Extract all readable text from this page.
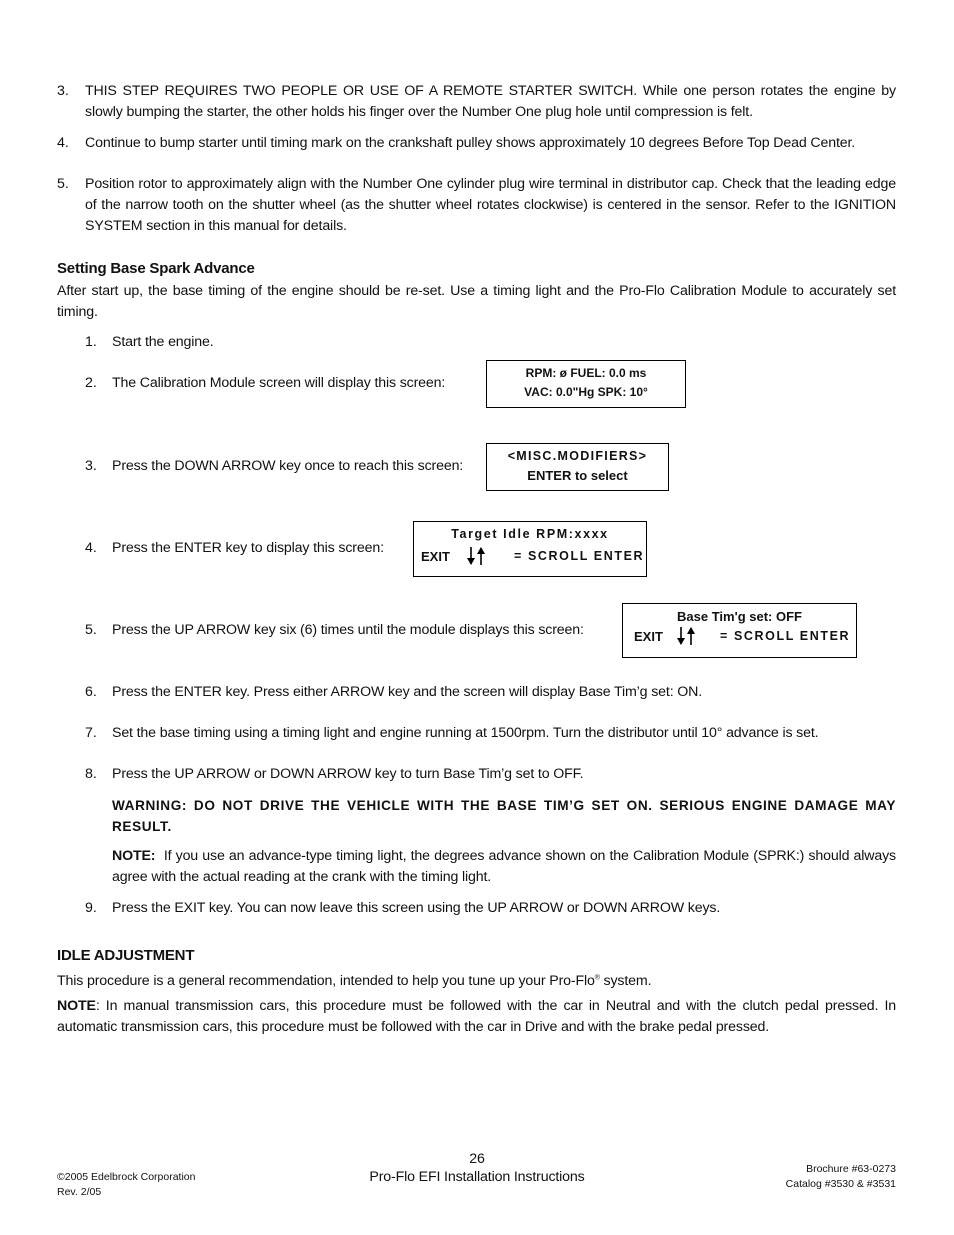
3. THIS STEP REQUIRES TWO PEOPLE OR USE OF A REMOTE STARTER SWITCH. While one person rotates the engine by slowly bumping the starter, the other holds his finger over the Number One plug hole until compression is felt.
4. Continue to bump starter until timing mark on the crankshaft pulley shows approximately 10 degrees Before Top Dead Center.
5. Position rotor to approximately align with the Number One cylinder plug wire terminal in distributor cap. Check that the leading edge of the narrow tooth on the shutter wheel (as the shutter wheel rotates clockwise) is centered in the sensor. Refer to the IGNITION SYSTEM section in this manual for details.
Setting Base Spark Advance
After start up, the base timing of the engine should be re-set. Use a timing light and the Pro-Flo Calibration Module to accurately set timing.
1. Start the engine.
2. The Calibration Module screen will display this screen:
RPM: ø FUEL: 0.0 ms
VAC: 0.0"Hg SPK: 10°
3. Press the DOWN ARROW key once to reach this screen:
<MISC.MODIFIERS>
ENTER to select
4. Press the ENTER key to display this screen:
Target Idle RPM:xxxx
EXIT	= SCROLL ENTER
5. Press the UP ARROW key six (6) times until the module displays this screen:
Base Tim'g set: OFF
EXIT	= SCROLL ENTER
6. Press the ENTER key. Press either ARROW key and the screen will display Base Tim’g set: ON.
7. Set the base timing using a timing light and engine running at 1500rpm. Turn the distributor until 10° advance is set.
8. Press the UP ARROW or DOWN ARROW key to turn Base Tim’g set to OFF.
WARNING: DO NOT DRIVE THE VEHICLE WITH THE BASE TIM’G SET ON. SERIOUS ENGINE DAMAGE MAY RESULT.
NOTE: If you use an advance-type timing light, the degrees advance shown on the Calibration Module (SPRK:) should always agree with the actual reading at the crank with the timing light.
9. Press the EXIT key. You can now leave this screen using the UP ARROW or DOWN ARROW keys.
IDLE ADJUSTMENT
This procedure is a general recommendation, intended to help you tune up your Pro-Flo® system.
NOTE: In manual transmission cars, this procedure must be followed with the car in Neutral and with the clutch pedal pressed. In automatic transmission cars, this procedure must be followed with the car in Drive and with the brake pedal pressed.
26
Pro-Flo EFI Installation Instructions
©2005 Edelbrock Corporation
Rev. 2/05
Brochure #63-0273
Catalog #3530 & #3531
